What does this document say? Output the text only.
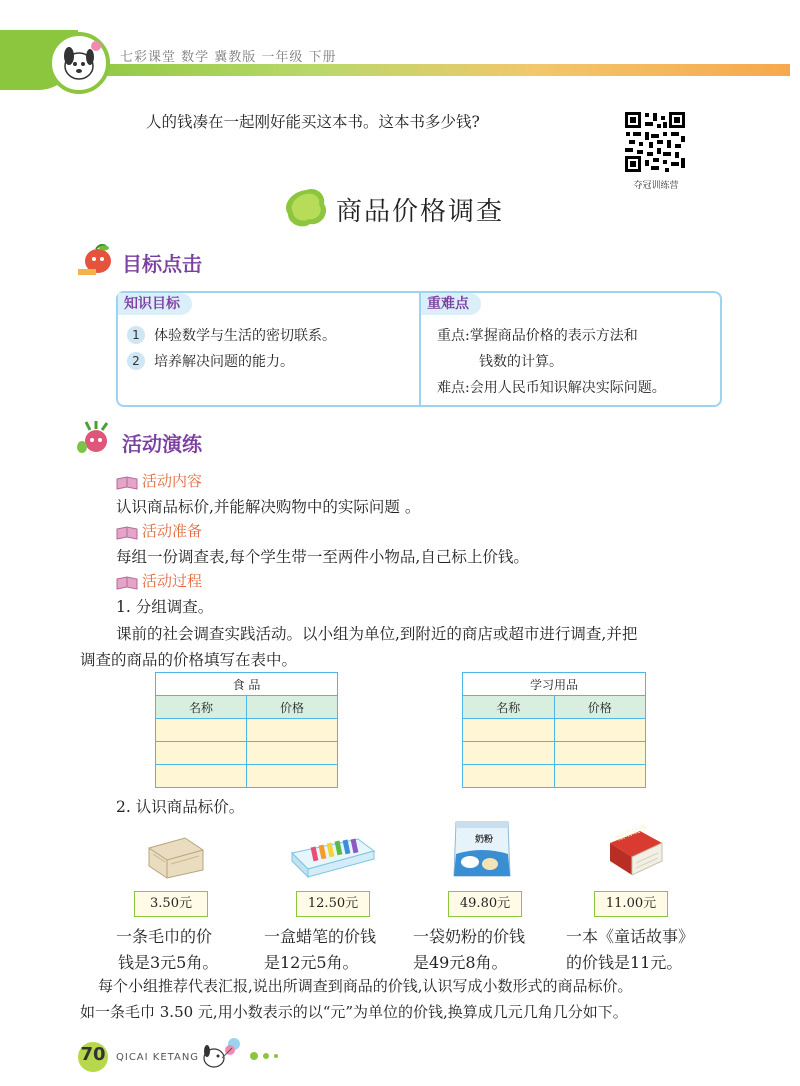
七彩课堂 数学 冀教版 一年级 下册
人的钱凑在一起刚好能买这本书。这本书多少钱?
夺冠训练营
商品价格调查
目标点击
知识目标	重难点
1	体验数学与生活的密切联系。
2	培养解决问题的能力。
重点:掌握商品价格的表示方法和
钱数的计算。
难点:会用人民币知识解决实际问题。
活动演练
活动内容
认识商品标价,并能解决购物中的实际问题 。
活动准备
每组一份调查表,每个学生带一至两件小物品,自己标上价钱。
活动过程
1. 分组调查。
课前的社会调查实践活动。以小组为单位,到附近的商店或超市进行调查,并把
调查的商品的价格填写在表中。
食 品	
名称	价格

学习用品	
名称	价格

2. 认识商品标价。
奶粉	童话故事
3.50元	12.50元	49.80元	11.00元
一条毛巾的价
钱是3元5角。
一盒蜡笔的价钱
是12元5角。
一袋奶粉的价钱
是49元8角。
一本《童话故事》
的价钱是11元。
每个小组推荐代表汇报,说出所调查到商品的价钱,认识写成小数形式的商品标价。
如一条毛巾 3.50 元,用小数表示的以“元”为单位的价钱,换算成几元几角几分如下。
70 QICAI KETANG
